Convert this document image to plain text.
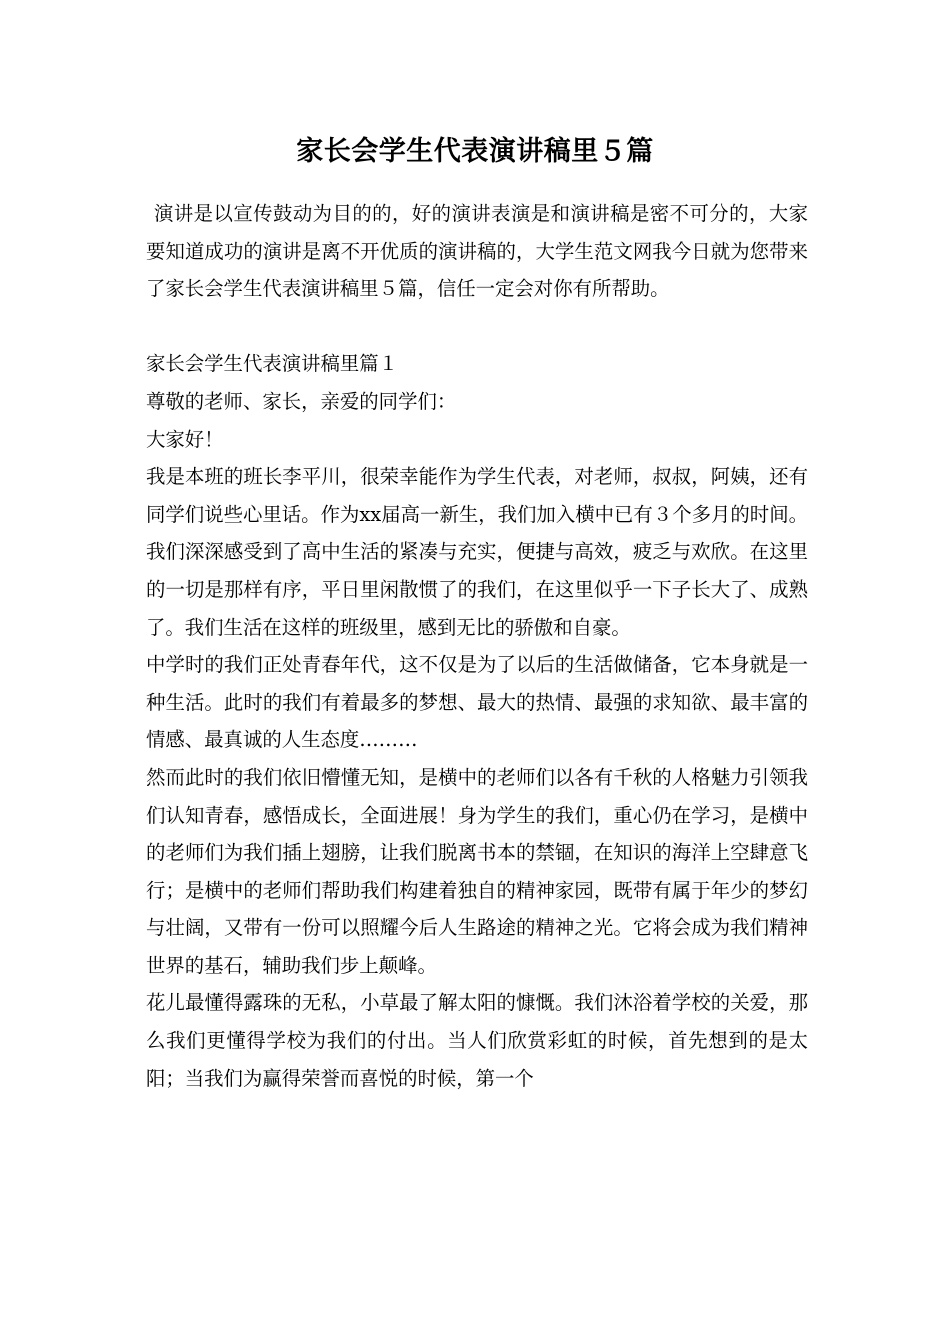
家长会学生代表演讲稿里５篇

演讲是以宣传鼓动为目的的，好的演讲表演是和演讲稿是密不可分的，大家要知道成功的演讲是离不开优质的演讲稿的，大学生范文网我今日就为您带来了家长会学生代表演讲稿里５篇，信任一定会对你有所帮助。

家长会学生代表演讲稿里篇１

尊敬的老师、家长，亲爱的同学们：

大家好！

我是本班的班长李平川，很荣幸能作为学生代表，对老师，叔叔，阿姨，还有同学们说些心里话。作为xx届高一新生，我们加入横中已有３个多月的时间。我们深深感受到了高中生活的紧凑与充实，便捷与高效，疲乏与欢欣。在这里的一切是那样有序，平日里闲散惯了的我们，在这里似乎一下子长大了、成熟了。我们生活在这样的班级里，感到无比的骄傲和自豪。

中学时的我们正处青春年代，这不仅是为了以后的生活做储备，它本身就是一种生活。此时的我们有着最多的梦想、最大的热情、最强的求知欲、最丰富的情感、最真诚的人生态度………

然而此时的我们依旧懵懂无知，是横中的老师们以各有千秋的人格魅力引领我们认知青春，感悟成长，全面进展！身为学生的我们，重心仍在学习，是横中的老师们为我们插上翅膀，让我们脱离书本的禁锢，在知识的海洋上空肆意飞行；是横中的老师们帮助我们构建着独自的精神家园，既带有属于年少的梦幻与壮阔，又带有一份可以照耀今后人生路途的精神之光。它将会成为我们精神世界的基石，辅助我们步上颠峰。

花儿最懂得露珠的无私，小草最了解太阳的慷慨。我们沐浴着学校的关爱，那么我们更懂得学校为我们的付出。当人们欣赏彩虹的时候，首先想到的是太阳；当我们为赢得荣誉而喜悦的时候，第一个
